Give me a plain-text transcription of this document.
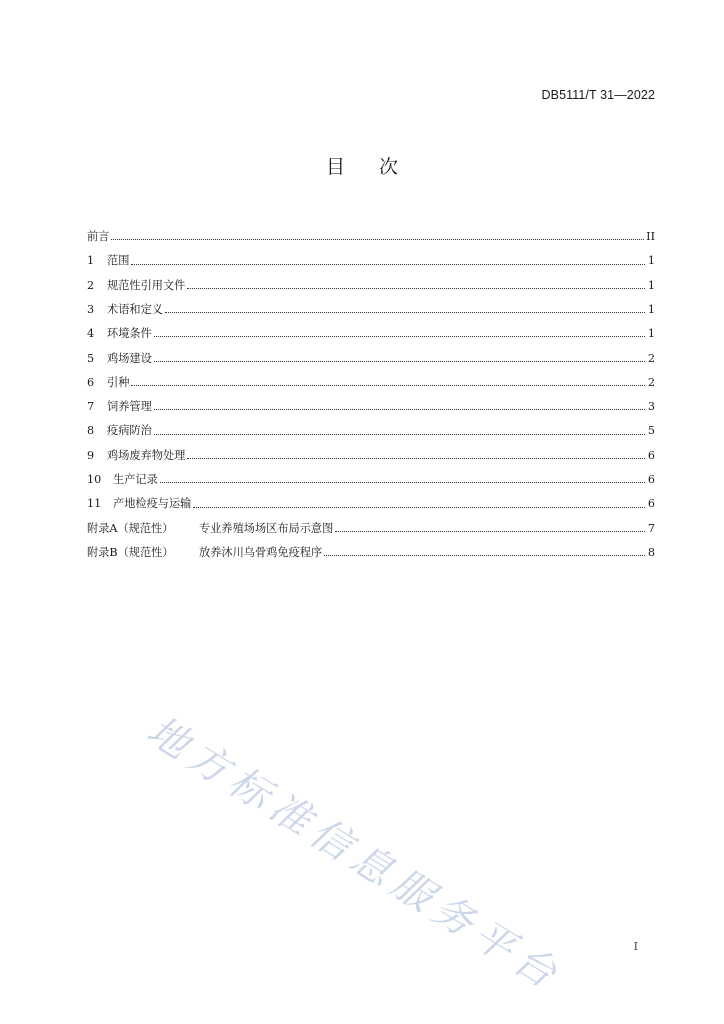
DB5111/T 31—2022
目 次
前言	II
1	范围	1
2	规范性引用文件	1
3	术语和定义	1
4	环境条件	1
5	鸡场建设	2
6	引种	2
7	饲养管理	3
8	疫病防治	5
9	鸡场废弃物处理	6
10	生产记录	6
11	产地检疫与运输	6
附录A（规范性）	专业养殖场场区布局示意图	7
附录B（规范性）	放养沐川乌骨鸡免疫程序	8
地方标准信息服务平台	I
